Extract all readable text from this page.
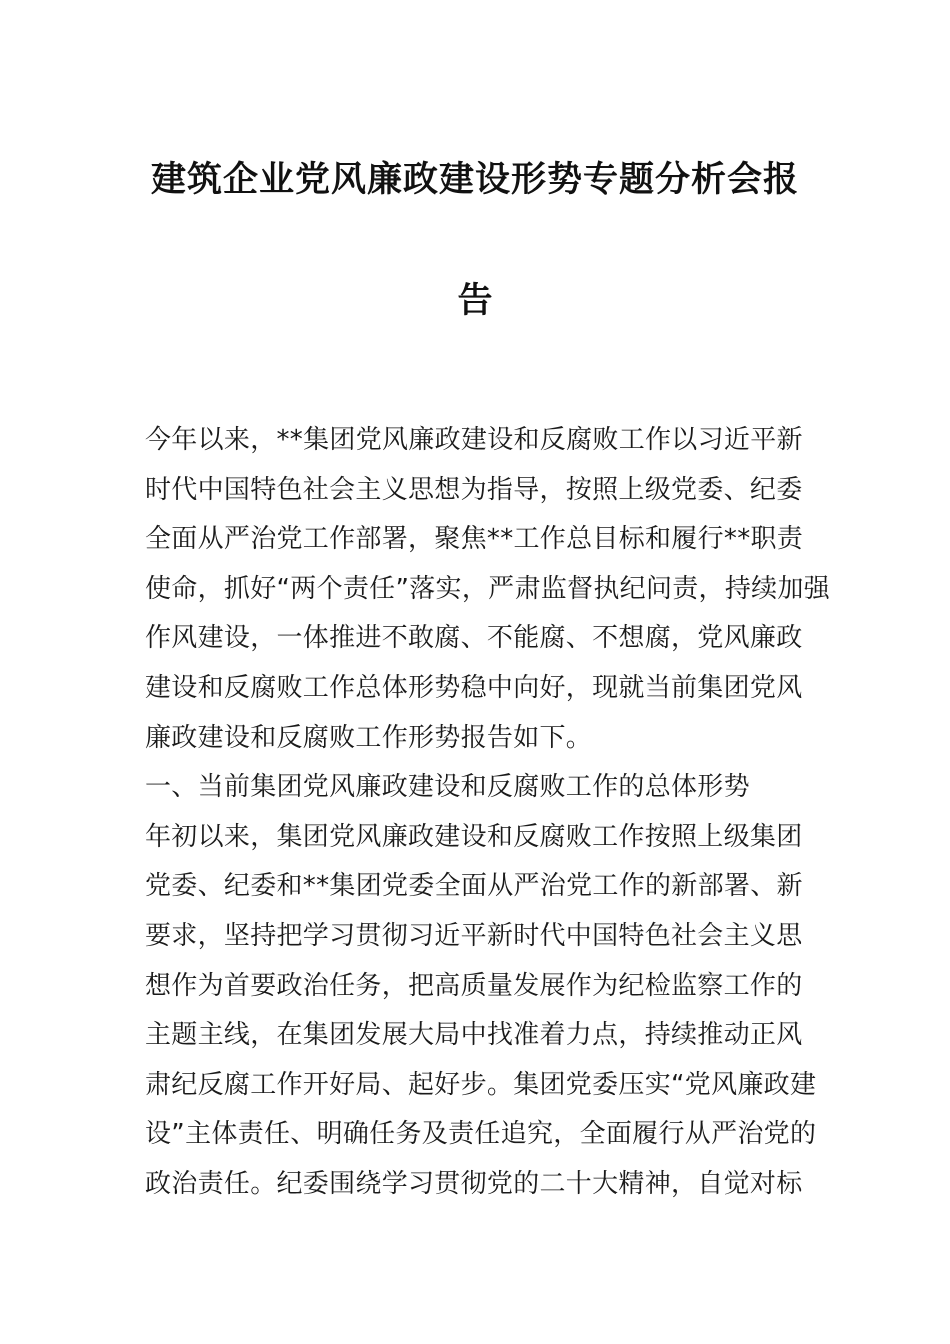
建筑企业党风廉政建设形势专题分析会报
告
今年以来，**集团党风廉政建设和反腐败工作以习近平新
时代中国特色社会主义思想为指导，按照上级党委、纪委
全面从严治党工作部署，聚焦**工作总目标和履行**职责
使命，抓好“两个责任”落实，严肃监督执纪问责，持续加强
作风建设，一体推进不敢腐、不能腐、不想腐，党风廉政
建设和反腐败工作总体形势稳中向好，现就当前集团党风
廉政建设和反腐败工作形势报告如下。
一、当前集团党风廉政建设和反腐败工作的总体形势
年初以来，集团党风廉政建设和反腐败工作按照上级集团
党委、纪委和**集团党委全面从严治党工作的新部署、新
要求，坚持把学习贯彻习近平新时代中国特色社会主义思
想作为首要政治任务，把高质量发展作为纪检监察工作的
主题主线，在集团发展大局中找准着力点，持续推动正风
肃纪反腐工作开好局、起好步。集团党委压实“党风廉政建
设”主体责任、明确任务及责任追究，全面履行从严治党的
政治责任。纪委围绕学习贯彻党的二十大精神，自觉对标
